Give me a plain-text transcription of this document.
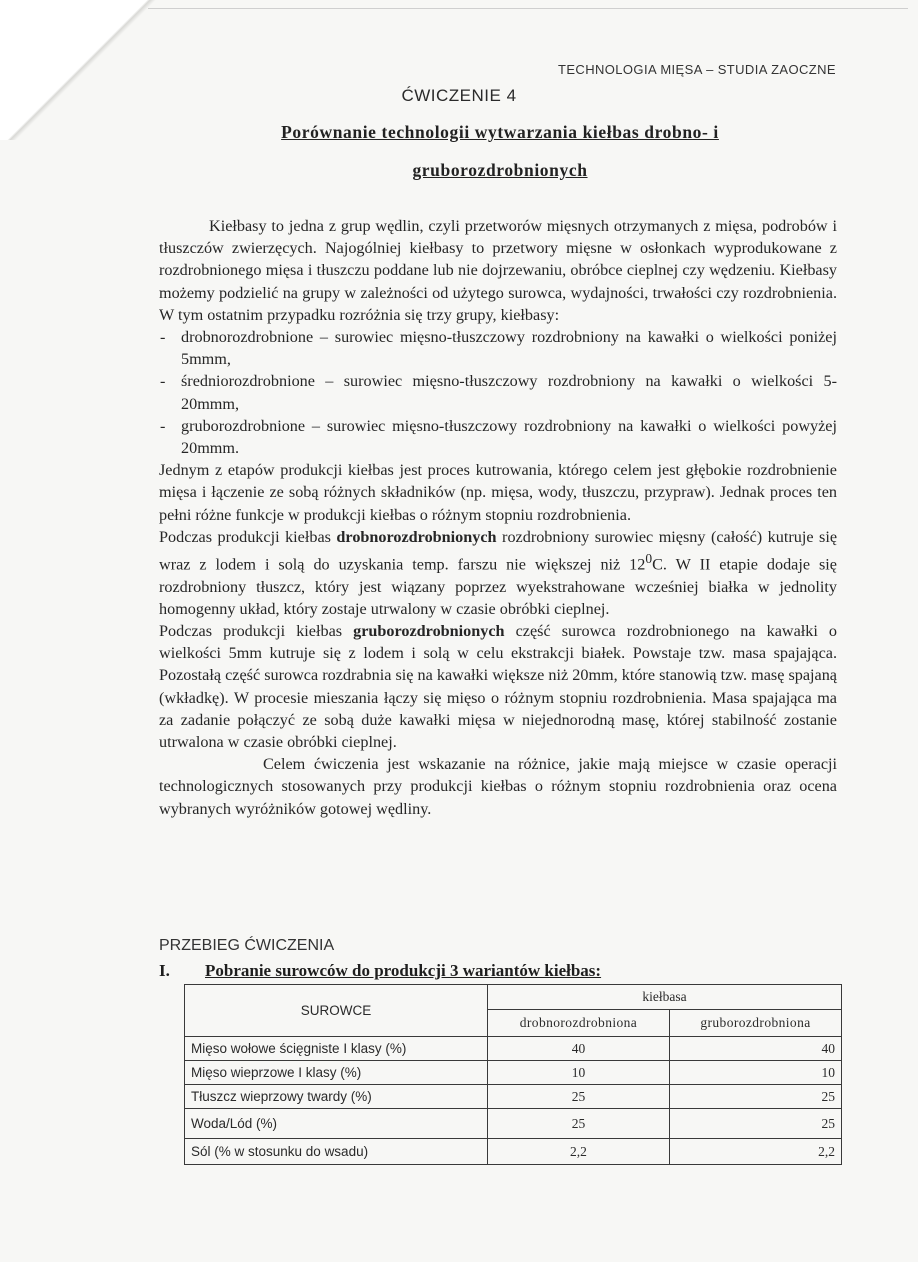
TECHNOLOGIA MIĘSA – STUDIA ZAOCZNE
ĆWICZENIE 4
Porównanie technologii wytwarzania kiełbas drobno- i
gruborozdrobnionych

Kiełbasy to jedna z grup wędlin, czyli przetworów mięsnych otrzymanych z mięsa, podrobów i tłuszczów zwierzęcych. Najogólniej kiełbasy to przetwory mięsne w osłonkach wyprodukowane z rozdrobnionego mięsa i tłuszczu poddane lub nie dojrzewaniu, obróbce cieplnej czy wędzeniu. Kiełbasy możemy podzielić na grupy w zależności od użytego surowca, wydajności, trwałości czy rozdrobnienia. W tym ostatnim przypadku rozróżnia się trzy grupy, kiełbasy:

- drobnorozdrobnione – surowiec mięsno-tłuszczowy rozdrobniony na kawałki o wielkości poniżej 5mmm,
- średniorozdrobnione – surowiec mięsno-tłuszczowy rozdrobniony na kawałki o wielkości 5-20mmm,
- gruborozdrobnione – surowiec mięsno-tłuszczowy rozdrobniony na kawałki o wielkości powyżej 20mmm.

Jednym z etapów produkcji kiełbas jest proces kutrowania, którego celem jest głębokie rozdrobnienie mięsa i łączenie ze sobą różnych składników (np. mięsa, wody, tłuszczu, przypraw). Jednak proces ten pełni różne funkcje w produkcji kiełbas o różnym stopniu rozdrobnienia.

Podczas produkcji kiełbas drobnorozdrobnionych rozdrobniony surowiec mięsny (całość) kutruje się wraz z lodem i solą do uzyskania temp. farszu nie większej niż $12^0C$. W II etapie dodaje się rozdrobniony tłuszcz, który jest wiązany poprzez wyekstrahowane wcześniej białka w jednolity homogenny układ, który zostaje utrwalony w czasie obróbki cieplnej.

Podczas produkcji kiełbas gruborozdrobnionych część surowca rozdrobnionego na kawałki o wielkości 5mm kutruje się z lodem i solą w celu ekstrakcji białek. Powstaje tzw. masa spajająca. Pozostałą część surowca rozdrabnia się na kawałki większe niż 20mm, które stanowią tzw. masę spajaną (wkładkę). W procesie mieszania łączy się mięso o różnym stopniu rozdrobnienia. Masa spajająca ma za zadanie połączyć ze sobą duże kawałki mięsa w niejednorodną masę, której stabilność zostanie utrwalona w czasie obróbki cieplnej.

Celem ćwiczenia jest wskazanie na różnice, jakie mają miejsce w czasie operacji technologicznych stosowanych przy produkcji kiełbas o różnym stopniu rozdrobnienia oraz ocena wybranych wyróżników gotowej wędliny.

PRZEBIEG ĆWICZENIA
I. Pobranie surowców do produkcji 3 wariantów kiełbas:
SUROWCE	kiełbasa	
	drobnorozdrobniona	gruborozdrobniona
Mięso wołowe ścięgniste I klasy (%)	40	40
Mięso wieprzowe I klasy (%)	10	10
Tłuszcz wieprzowy twardy (%)	25	25
Woda/Lód (%)	25	25
Sól (% w stosunku do wsadu)	2,2	2,2
